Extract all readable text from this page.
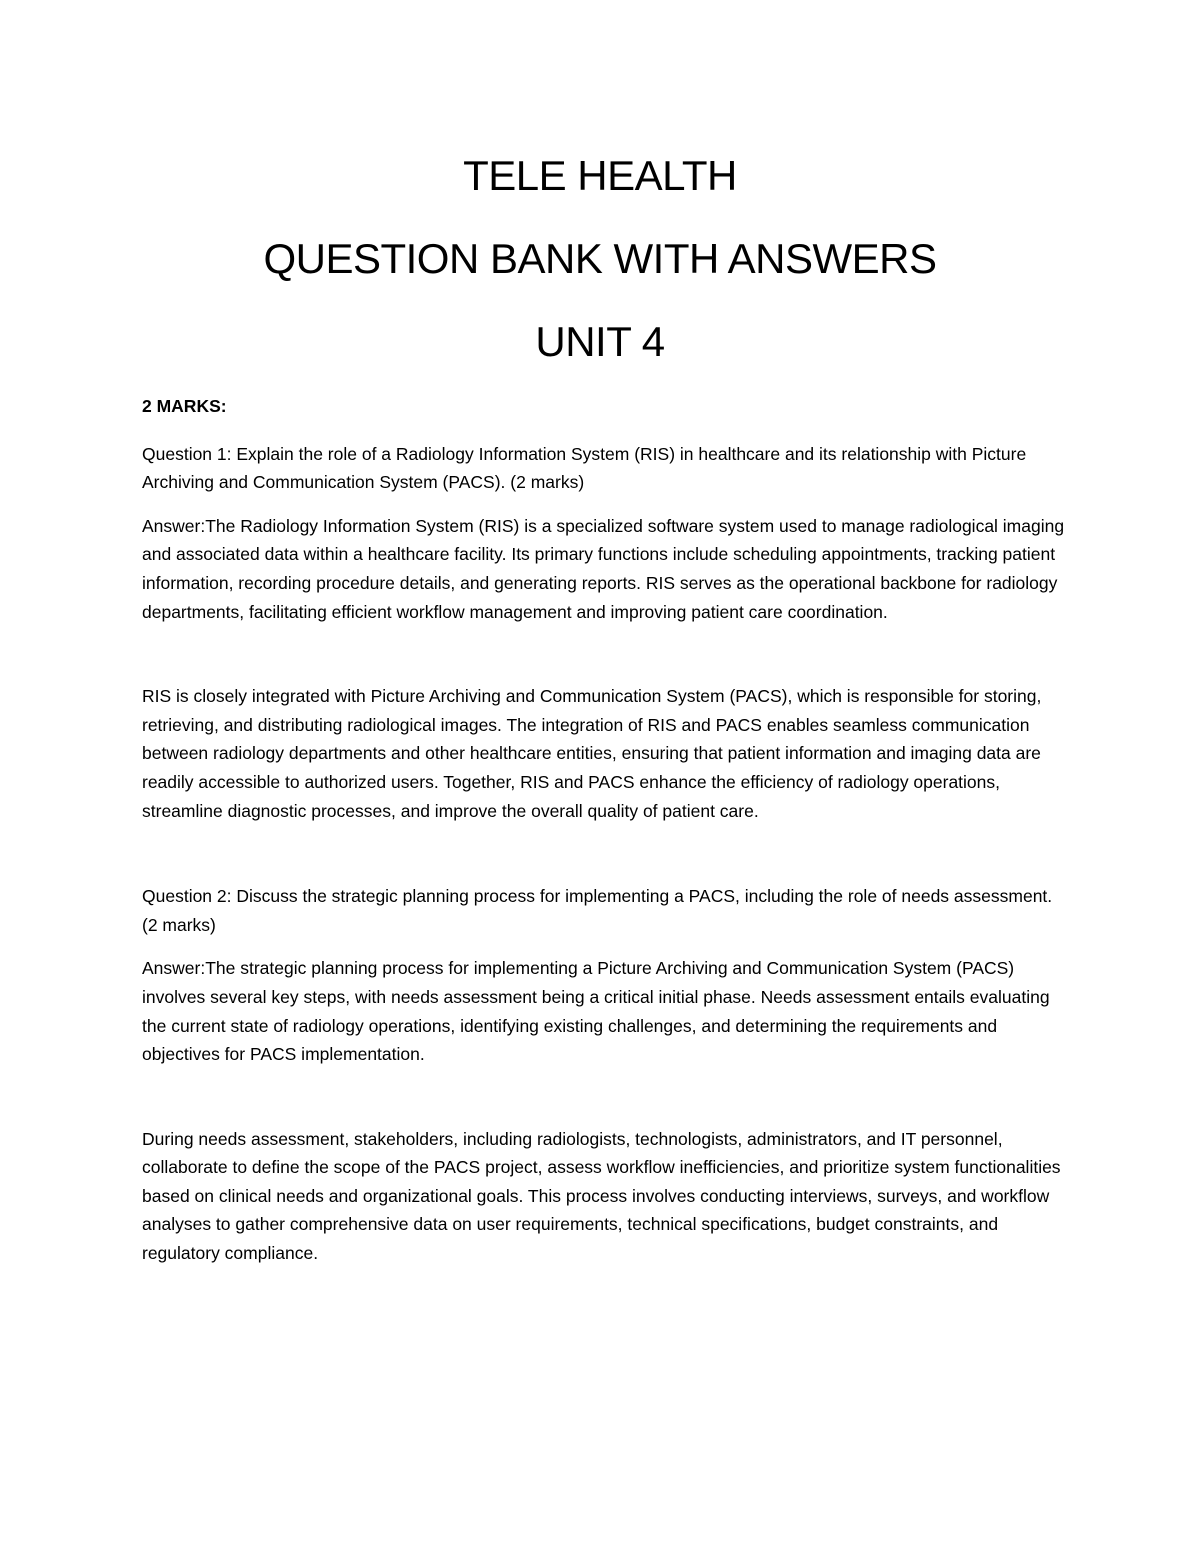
TELE HEALTH
QUESTION BANK WITH ANSWERS
UNIT 4

2 MARKS:

Question 1: Explain the role of a Radiology Information System (RIS) in healthcare and its relationship with Picture Archiving and Communication System (PACS). (2 marks)

Answer:The Radiology Information System (RIS) is a specialized software system used to manage radiological imaging and associated data within a healthcare facility. Its primary functions include scheduling appointments, tracking patient information, recording procedure details, and generating reports. RIS serves as the operational backbone for radiology departments, facilitating efficient workflow management and improving patient care coordination.

RIS is closely integrated with Picture Archiving and Communication System (PACS), which is responsible for storing, retrieving, and distributing radiological images. The integration of RIS and PACS enables seamless communication between radiology departments and other healthcare entities, ensuring that patient information and imaging data are readily accessible to authorized users. Together, RIS and PACS enhance the efficiency of radiology operations, streamline diagnostic processes, and improve the overall quality of patient care.

Question 2: Discuss the strategic planning process for implementing a PACS, including the role of needs assessment. (2 marks)

Answer:The strategic planning process for implementing a Picture Archiving and Communication System (PACS) involves several key steps, with needs assessment being a critical initial phase. Needs assessment entails evaluating the current state of radiology operations, identifying existing challenges, and determining the requirements and objectives for PACS implementation.

During needs assessment, stakeholders, including radiologists, technologists, administrators, and IT personnel, collaborate to define the scope of the PACS project, assess workflow inefficiencies, and prioritize system functionalities based on clinical needs and organizational goals. This process involves conducting interviews, surveys, and workflow analyses to gather comprehensive data on user requirements, technical specifications, budget constraints, and regulatory compliance.
